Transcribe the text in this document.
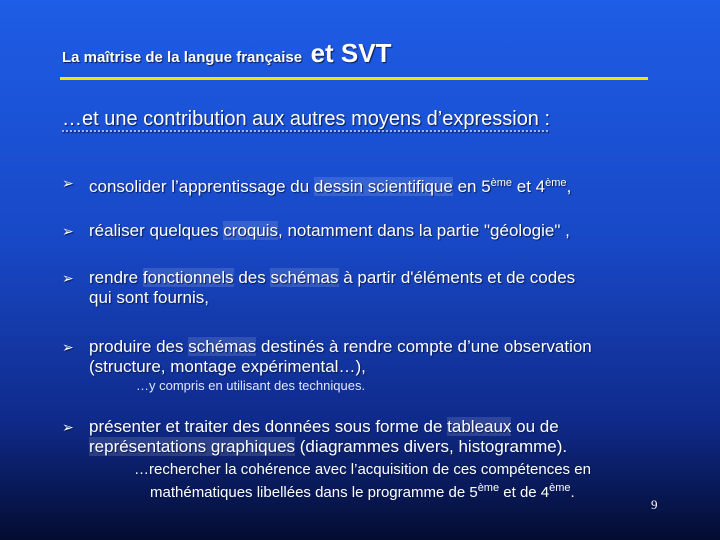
La maîtrise de la langue française et SVT
…et une contribution aux autres moyens d’expression :
➢ consolider l’apprentissage du dessin scientifique en 5ème et 4ème,
➢ réaliser quelques croquis, notamment dans la partie "géologie" ,
➢ rendre fonctionnels des schémas à partir d'éléments et de codes
qui sont fournis,
➢ produire des schémas destinés à rendre compte d’une observation
(structure, montage expérimental…),
…y compris en utilisant des techniques.
➢ présenter et traiter des données sous forme de tableaux ou de
représentations graphiques (diagrammes divers, histogramme).
…rechercher la cohérence avec l’acquisition de ces compétences en
mathématiques libellées dans le programme de 5ème et de 4ème.
9
